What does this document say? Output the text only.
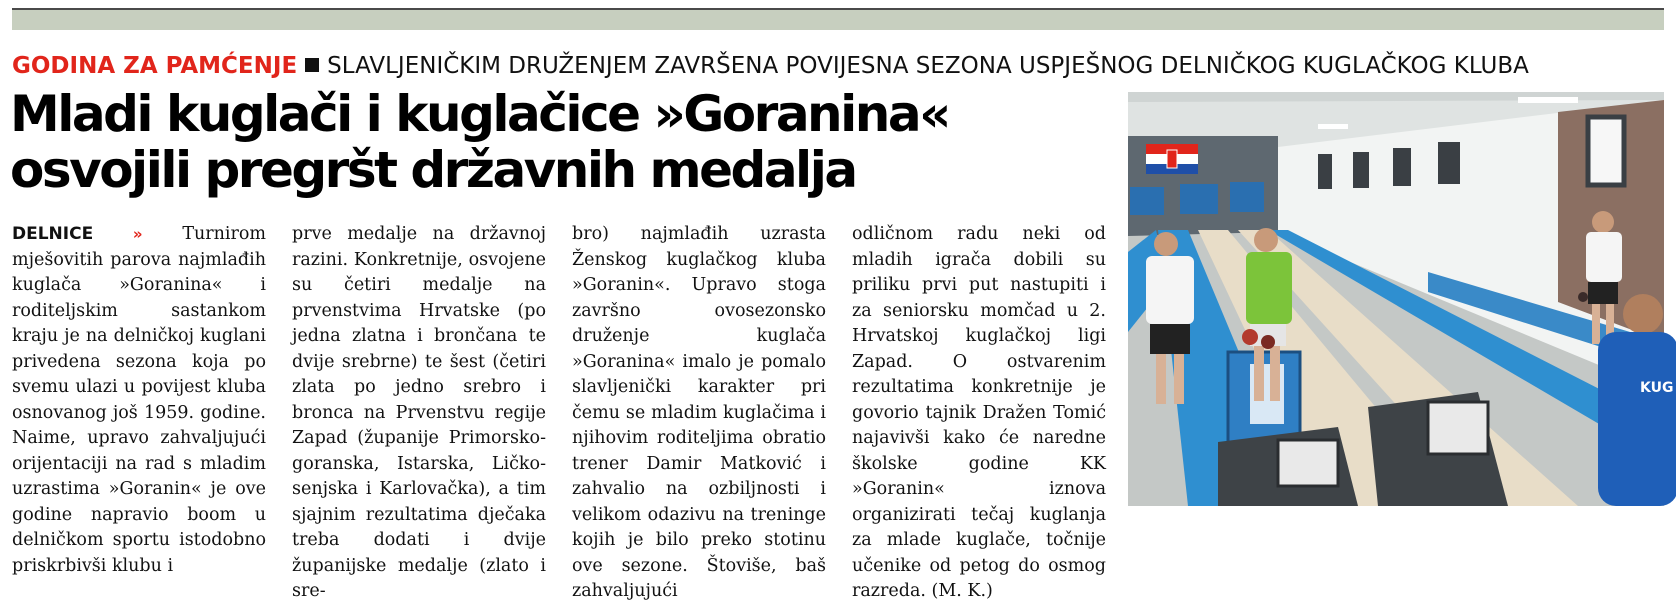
GODINA ZA PAMĆENJE SLAVLJENIČKIM DRUŽENJEM ZAVRŠENA POVIJESNA SEZONA USPJEŠNOG DELNIČKOG KUGLAČKOG KLUBA
Mladi kuglači i kuglačice »Goranina« osvojili pregršt državnih medalja

DELNICE	» Turnirom mješovitih parova najmlađih kuglača »Goranina« i roditeljskim sastankom kraju je na delničkoj kuglani privedena sezona koja po svemu ulazi u povijest kluba osnovanog još 1959. godine. Naime, upravo zahvaljujući orijentaciji na rad s mladim uzrastima »Goranin« je ove godine napravio boom u delničkom sportu istodobno priskrbivši klubu i

prve medalje na državnoj razini. Konkretnije, osvojene su četiri medalje na prvenstvima Hrvatske (po jedna zlatna i brončana te dvije srebrne) te šest (četiri zlata po jedno srebro i bronca na Prvenstvu regije Zapad (županije Primorsko-goranska, Istarska, Ličko-senjska i Karlovačka), a tim sjajnim rezultatima dječaka treba dodati i dvije županijske medalje (zlato i sre-

bro) najmlađih uzrasta Ženskog kuglačkog kluba »Goranin«. Upravo stoga završno ovosezonsko druženje kuglača »Goranina« imalo je pomalo slavljenički karakter pri čemu se mladim kuglačima i njihovim roditeljima obratio trener Damir Matković i zahvalio na ozbiljnosti i velikom odazivu na treninge kojih je bilo preko stotinu ove sezone. Štoviše, baš zahvaljujući

odličnom radu neki od mladih igrača dobili su priliku prvi put nastupiti i za seniorsku momčad u 2. Hrvatskoj kuglačkoj ligi Zapad. O ostvarenim rezultatima konkretnije je govorio tajnik Dražen Tomić najavivši kako će naredne školske godine KK »Goranin« iznova organizirati tečaj kuglanja za mlade kuglače, točnije učenike od petog do osmog razreda. (M. K.)

KUG
